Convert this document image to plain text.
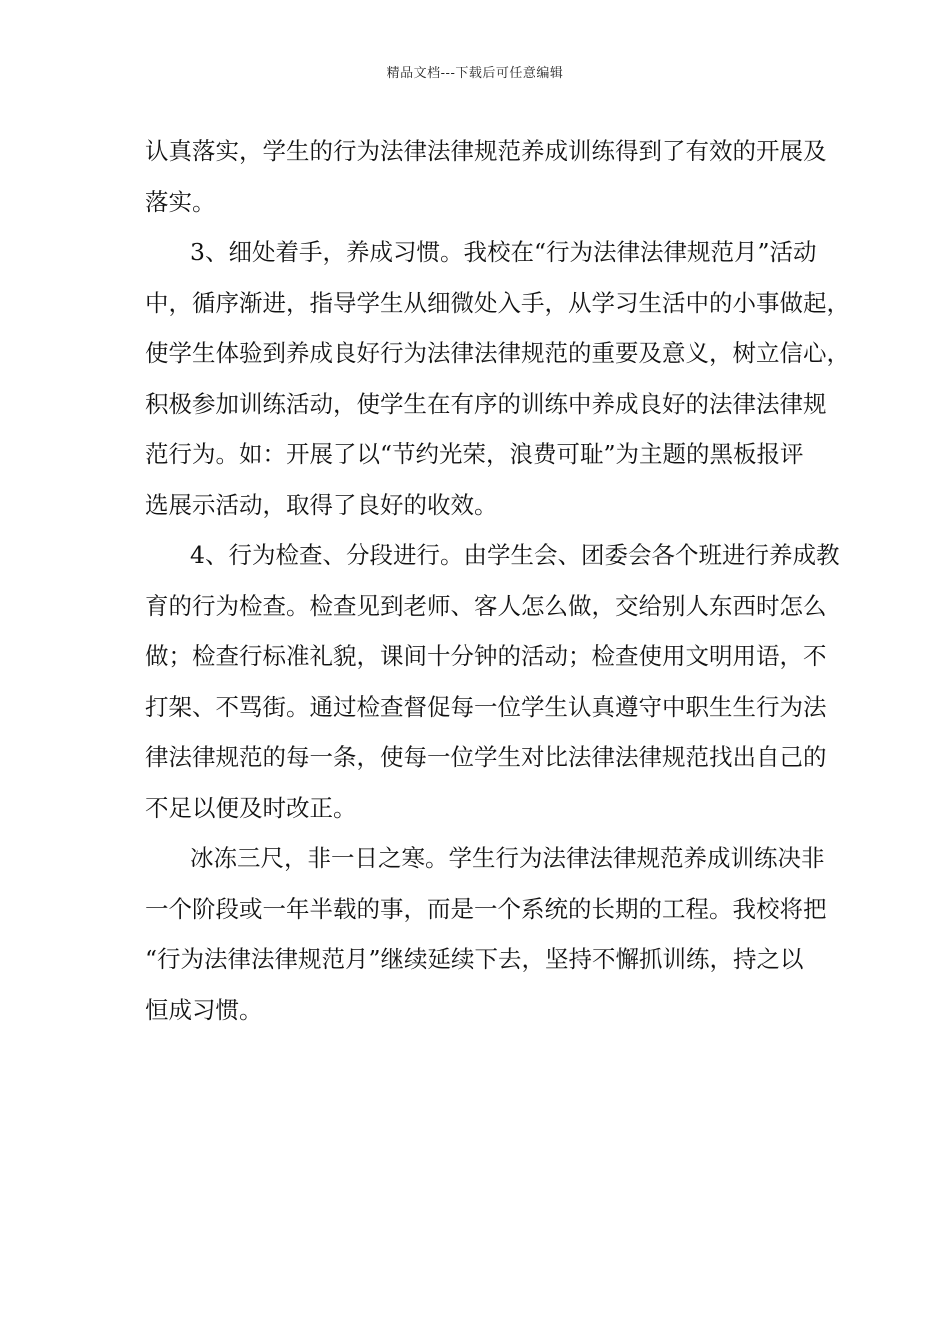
精品文档---下载后可任意编辑
认真落实，学生的行为法律法律规范养成训练得到了有效的开展及
落实。
3、细处着手，养成习惯。我校在“行为法律法律规范月”活动
中，循序渐进，指导学生从细微处入手，从学习生活中的小事做起，
使学生体验到养成良好行为法律法律规范的重要及意义，树立信心，
积极参加训练活动，使学生在有序的训练中养成良好的法律法律规
范行为。如：开展了以“节约光荣，浪费可耻”为主题的黑板报评
选展示活动，取得了良好的收效。
4、行为检查、分段进行。由学生会、团委会各个班进行养成教
育的行为检查。检查见到老师、客人怎么做，交给别人东西时怎么
做；检查行标准礼貌，课间十分钟的活动；检查使用文明用语，不
打架、不骂街。通过检查督促每一位学生认真遵守中职生生行为法
律法律规范的每一条，使每一位学生对比法律法律规范找出自己的
不足以便及时改正。
冰冻三尺，非一日之寒。学生行为法律法律规范养成训练决非
一个阶段或一年半载的事，而是一个系统的长期的工程。我校将把
“行为法律法律规范月”继续延续下去，坚持不懈抓训练，持之以
恒成习惯。
